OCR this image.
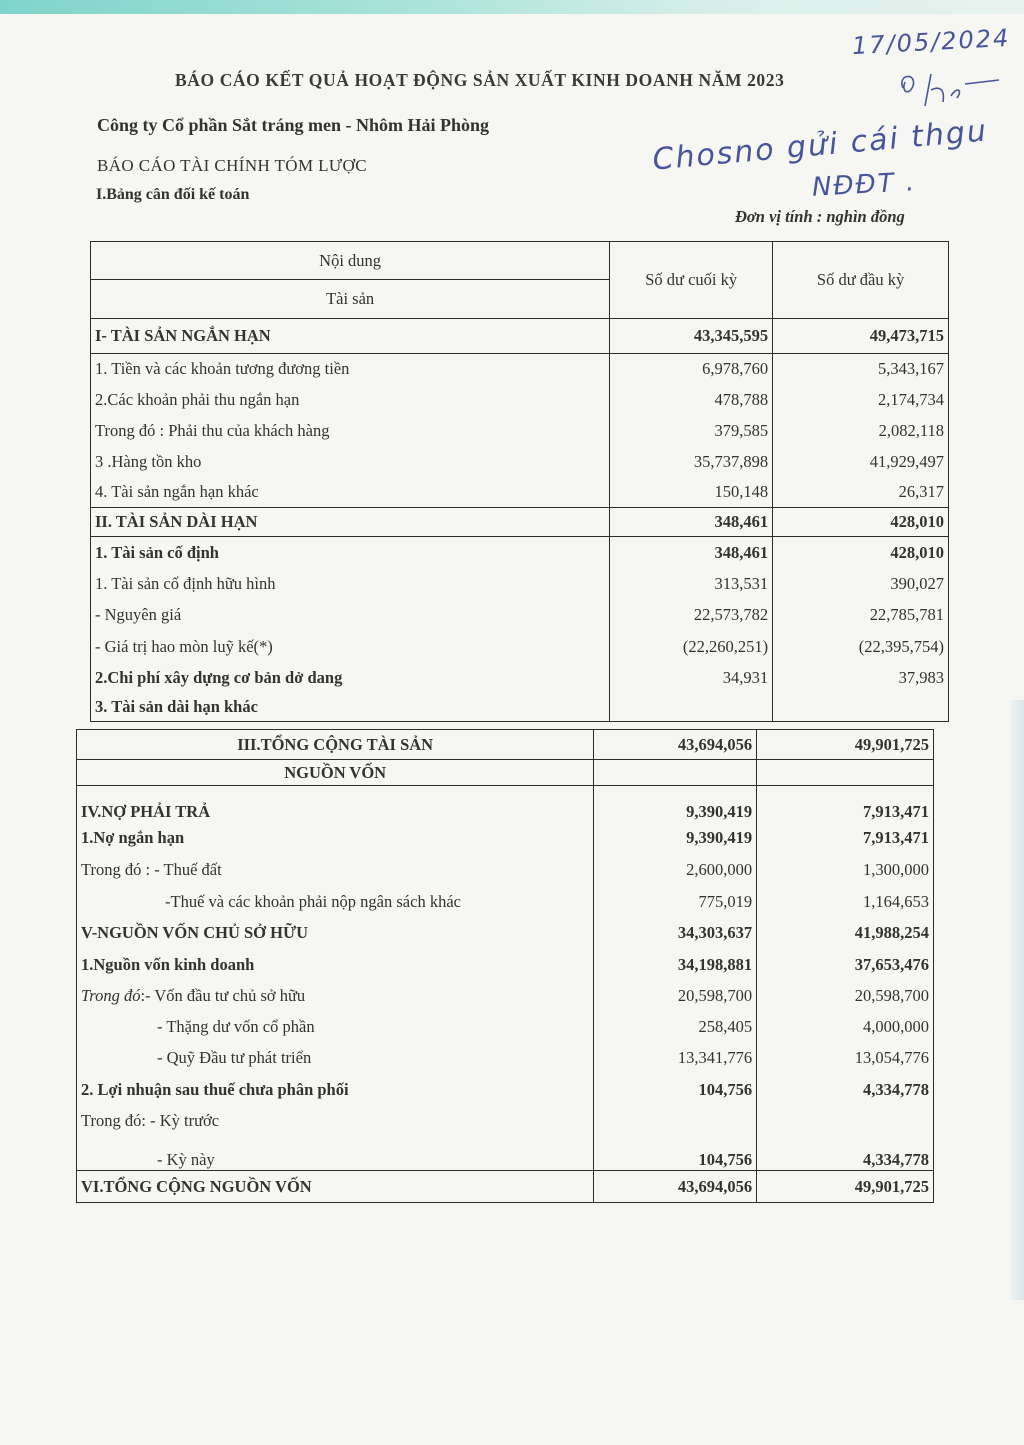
17/05/2024
Chosno gửi cái thgu
NĐĐT .
BÁO CÁO KẾT QUẢ HOẠT ĐỘNG SẢN XUẤT KINH DOANH NĂM 2023
Công ty Cổ phần Sắt tráng men - Nhôm Hải Phòng
BÁO CÁO TÀI CHÍNH TÓM LƯỢC
I.Bảng cân đối kế toán
Đơn vị tính : nghìn đồng
Nội dung	Số dư cuối kỳ	Số dư đầu kỳ
Tài sản		
I- TÀI SẢN NGẮN HẠN	43,345,595	49,473,715
1. Tiền và các khoản tương đương tiền	6,978,760	5,343,167
2.Các khoản phải thu ngắn hạn	478,788	2,174,734
Trong đó : Phải thu của khách hàng	379,585	2,082,118
3 .Hàng tồn kho	35,737,898	41,929,497
4. Tài sản ngắn hạn khác	150,148	26,317
II. TÀI SẢN DÀI HẠN	348,461	428,010
1. Tài sản cố định	348,461	428,010
1. Tài sản cố định hữu hình	313,531	390,027
- Nguyên giá	22,573,782	22,785,781
- Giá trị hao mòn luỹ kế(*)	(22,260,251)	(22,395,754)
2.Chi phí xây dựng cơ bản dở dang	34,931	37,983
3. Tài sản dài hạn khác		
III.TỔNG CỘNG TÀI SẢN	43,694,056	49,901,725
NGUỒN VỐN		
IV.NỢ PHẢI TRẢ	9,390,419	7,913,471
1.Nợ ngắn hạn	9,390,419	7,913,471
Trong đó : - Thuế đất	2,600,000	1,300,000
-Thuế và các khoản phải nộp ngân sách khác	775,019	1,164,653
V-NGUỒN VỐN CHỦ SỞ HỮU	34,303,637	41,988,254
1.Nguồn vốn kinh doanh	34,198,881	37,653,476
Trong đó:- Vốn đầu tư chủ sở hữu	20,598,700	20,598,700
- Thặng dư vốn cổ phần	258,405	4,000,000
- Quỹ Đầu tư phát triển	13,341,776	13,054,776
2. Lợi nhuận sau thuế chưa phân phối	104,756	4,334,778
Trong đó: - Kỳ trước		
- Kỳ này	104,756	4,334,778
VI.TỔNG CỘNG NGUỒN VỐN	43,694,056	49,901,725
